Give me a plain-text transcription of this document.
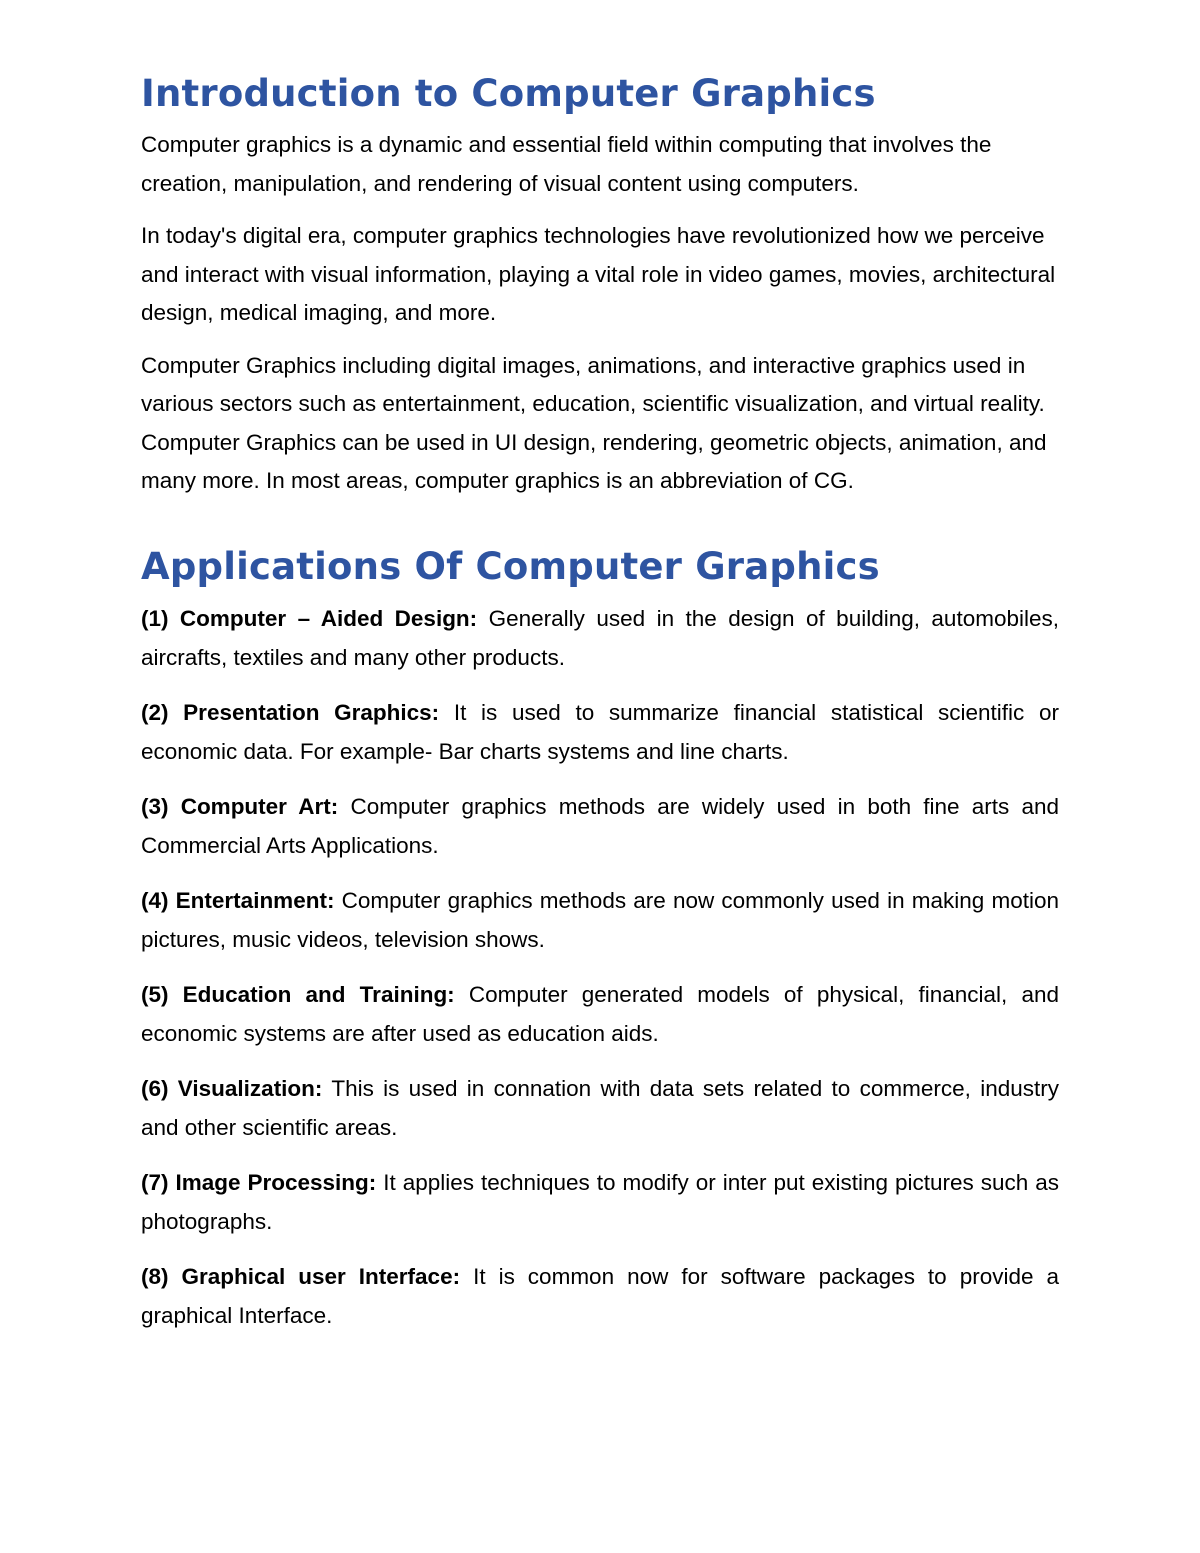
Introduction to Computer Graphics

Computer graphics is a dynamic and essential field within computing that involves the creation, manipulation, and rendering of visual content using computers.

In today's digital era, computer graphics technologies have revolutionized how we perceive and interact with visual information, playing a vital role in video games, movies, architectural design, medical imaging, and more.

Computer Graphics including digital images, animations, and interactive graphics used in various sectors such as entertainment, education, scientific visualization, and virtual reality. Computer Graphics can be used in UI design, rendering, geometric objects, animation, and many more. In most areas, computer graphics is an abbreviation of CG.

Applications Of Computer Graphics

(1) Computer – Aided Design: Generally used in the design of building, automobiles, aircrafts, textiles and many other products.

(2) Presentation Graphics: It is used to summarize financial statistical scientific or economic data. For example- Bar charts systems and line charts.

(3) Computer Art: Computer graphics methods are widely used in both fine arts and Commercial Arts Applications.

(4) Entertainment: Computer graphics methods are now commonly used in making motion pictures, music videos, television shows.

(5) Education and Training: Computer generated models of physical, financial, and economic systems are after used as education aids.

(6) Visualization: This is used in connation with data sets related to commerce, industry and other scientific areas.

(7) Image Processing: It applies techniques to modify or inter put existing pictures such as photographs.

(8) Graphical user Interface: It is common now for software packages to provide a graphical Interface.
